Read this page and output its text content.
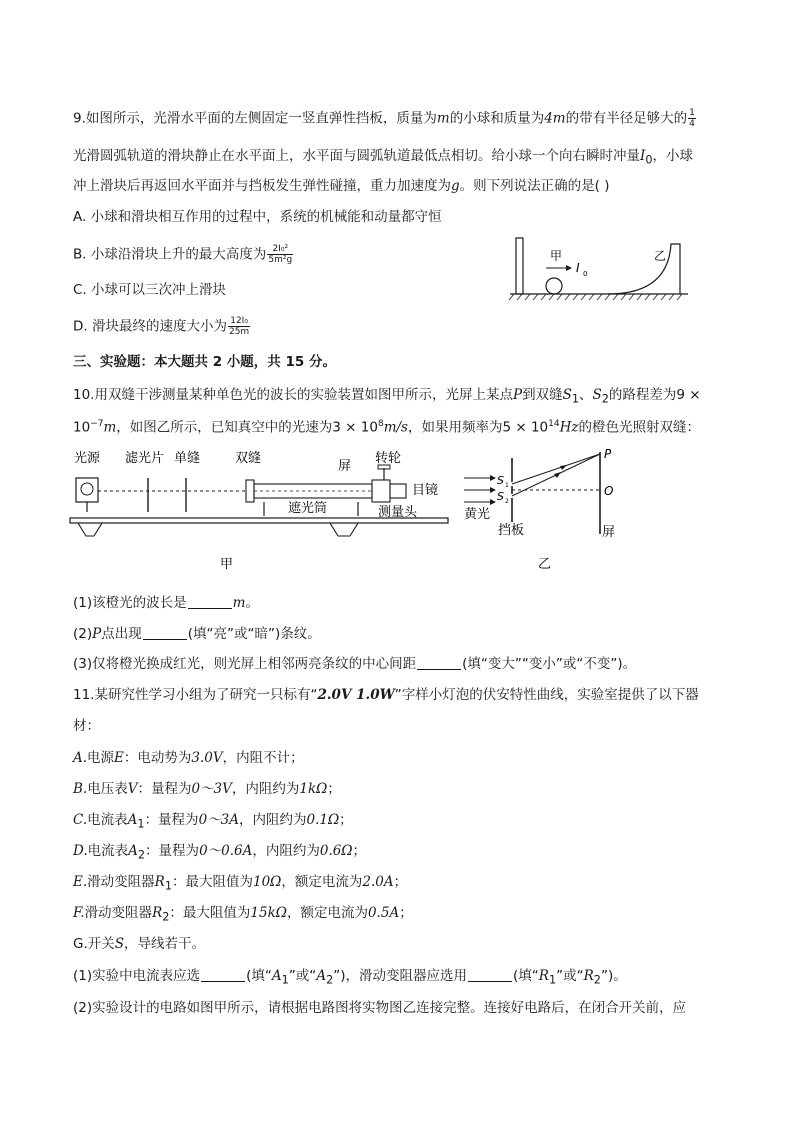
9.如图所示，光滑水平面的左侧固定一竖直弹性挡板，质量为m的小球和质量为4m的带有半径足够大的 $\frac{1}{4}$
光滑圆弧轨道的滑块静止在水平面上，水平面与圆弧轨道最低点相切。给小球一个向右瞬时冲量$I_0$，小球
冲上滑块后再返回水平面并与挡板发生弹性碰撞，重力加速度为g。则下列说法正确的是( )
A. 小球和滑块相互作用的过程中，系统的机械能和动量都守恒
B. 小球沿滑块上升的最大高度为 $\frac{\text{2I₀²}}{\text{5m²g}}$
C. 小球可以三次冲上滑块
D. 滑块最终的速度大小为 $\frac{\text{12I₀}}{25m}$
甲
I 0
乙
三、实验题：本大题共 2 小题，共 15 分。
10.用双缝干涉测量某种单色光的波长的实验装置如图甲所示，光屏上某点P到双缝$S_1$、$S_2$的路程差为9 ×
$10^{-7}m$，如图乙所示，已知真空中的光速为$3 \times 10^8m/s$，如果用频率为$5 \times 10^{14}Hz$的橙色光照射双缝：
光源 滤光片 单缝	双缝
屏
转轮
目镜
遮光筒	测量头
甲
P
O
S 1
S 2
黄光
挡板	屏
乙
(1)该橙光的波长是	m。
(2)P点出现	(填“亮”或“暗”)条纹。
(3)仅将橙光换成红光，则光屏上相邻两亮条纹的中心间距	(填“变大”“变小”或“不变”)。
11.某研究性学习小组为了研究一只标有“2.0V 1.0W”字样小灯泡的伏安特性曲线，实验室提供了以下器
材：
A.电源E：电动势为3.0V，内阻不计；
B.电压表V：量程为0～3V，内阻约为1kΩ；
C.电流表$A_1$：量程为0～3A，内阻约为0.1Ω；
D.电流表$A_2$：量程为0～0.6A，内阻约为0.6Ω；
E.滑动变阻器$R_1$：最大阻值为10Ω，额定电流为2.0A；
F.滑动变阻器$R_2$：最大阻值为15kΩ，额定电流为0.5A；
G.开关S，导线若干。
(1)实验中电流表应选	(填“$A_1$”或“$A_2$”)，滑动变阻器应选用	(填“$R_1$”或“$R_2$”)。
(2)实验设计的电路如图甲所示，请根据电路图将实物图乙连接完整。连接好电路后，在闭合开关前，应
